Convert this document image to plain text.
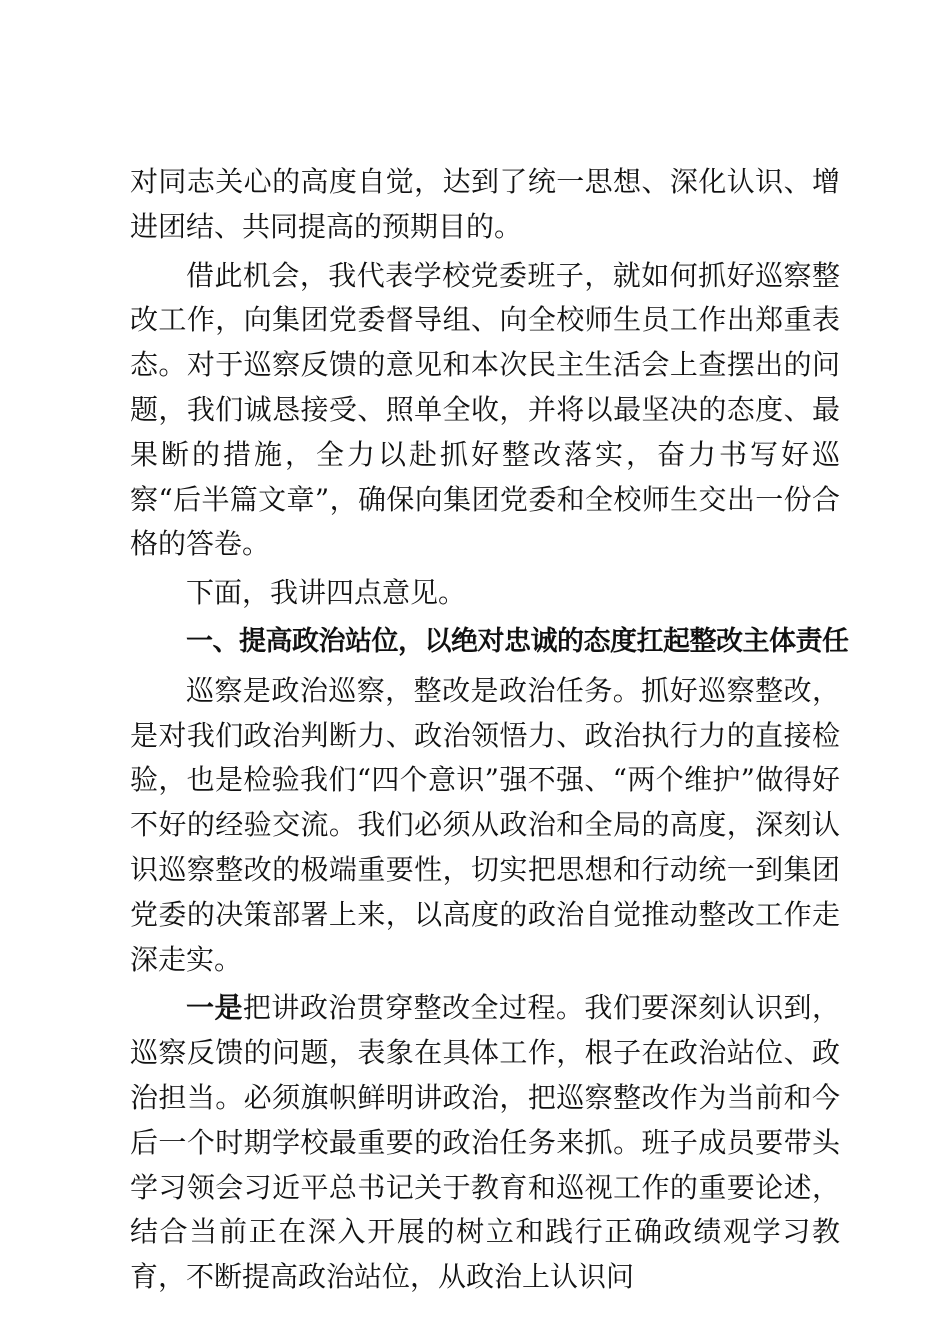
对同志关心的高度自觉，达到了统一思想、深化认识、增进团结、共同提高的预期目的。

借此机会，我代表学校党委班子，就如何抓好巡察整改工作，向集团党委督导组、向全校师生员工作出郑重表态。对于巡察反馈的意见和本次民主生活会上查摆出的问题，我们诚恳接受、照单全收，并将以最坚决的态度、最果断的措施，全力以赴抓好整改落实，奋力书写好巡察“后半篇文章”，确保向集团党委和全校师生交出一份合格的答卷。

下面，我讲四点意见。

一、提高政治站位，以绝对忠诚的态度扛起整改主体责任

巡察是政治巡察，整改是政治任务。抓好巡察整改，是对我们政治判断力、政治领悟力、政治执行力的直接检验，也是检验我们“四个意识”强不强、“两个维护”做得好不好的经验交流。我们必须从政治和全局的高度，深刻认识巡察整改的极端重要性，切实把思想和行动统一到集团党委的决策部署上来，以高度的政治自觉推动整改工作走深走实。

一是把讲政治贯穿整改全过程。我们要深刻认识到，巡察反馈的问题，表象在具体工作，根子在政治站位、政治担当。必须旗帜鲜明讲政治，把巡察整改作为当前和今后一个时期学校最重要的政治任务来抓。班子成员要带头学习领会习近平总书记关于教育和巡视工作的重要论述，结合当前正在深入开展的树立和践行正确政绩观学习教育，不断提高政治站位，从政治上认识问
